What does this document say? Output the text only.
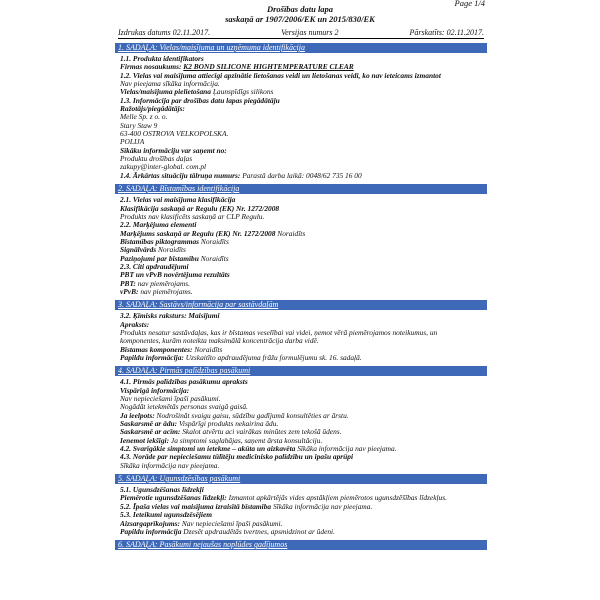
Page 1/4
Drošības datu lapa
saskaņā ar 1907/2006/EK un 2015/830/EK
Izdrukas datums 02.11.2017.	Versijas numurs 2	Pārskatīts: 02.11.2017.
1. SADAĻA: Vielas/maisījuma un uzņēmuma identifikācija
1.1. Produkta identifikators
Firmas nosaukums: K2 BOND SILICONE HIGHTEMPERATURE CLEAR
1.2. Vielas vai maisījuma attiecīgi apzinātie lietošanas veidi un lietošanas veidi, ko nav ieteicams izmantot
Nav pieejama sīkāka informācija.
Vielas/maisījuma pielietošana Ļaunspīdīgs silikons
1.3. Informācija par drošības datu lapas piegādātāju
Ražotājs/piegādātājs:
Melle Sp. z o. o.
Stary Staw 9
63-400 OSTROVA VELKOPOLSKA.
POLIJA
Sīkāku informāciju var saņemt no:
Produktu drošības daļas
zakupy@inter-global. com.pl
1.4. Ārkārtas situāciju tālruņa numurs: Parastā darba laikā: 0048/62 735 16 00
2. SADAĻA: Bīstamības identifikācija
2.1. Vielas vai maisījuma klasifikācija
Klasifikācija saskaņā ar Regulu (EK) Nr. 1272/2008
Produkts nav klasificēts saskaņā ar CLP Regulu.
2.2. Marķējuma elementi
Marķējums saskaņā ar Regulu (EK) Nr. 1272/2008 Noraidīts
Bīstamības piktogrammas Noraidīts
Signālvārds Noraidīts
Paziņojumi par bīstamību Noraidīts
2.3. Citi apdraudējumi
PBT un vPvB novērtējuma rezultāts
PBT: nav piemērojams.
vPvB: nav piemērojams.
3. SADAĻA: Sastāvs/informācija par sastāvdaļām
3.2. Ķīmisks raksturs: Maisījumi
Apraksts:
Produkts nesatur sastāvdaļas, kas ir bīstamas veselībai vai videi, ņemot vērā piemērojamos noteikumus, un
komponentes, kurām noteikta maksimālā koncentrācija darba vidē.
Bīstamas komponentes: Noraidīts
Papildu informācija: Uzskaitīto apdraudējuma frāžu formulējumu sk. 16. sadaļā.
4. SADAĻA: Pirmās palīdzības pasākumi
4.1. Pirmās palīdzības pasākumu apraksts
Vispārīgā informācija:
Nav nepieciešami īpaši pasākumi.
Nogādāt ietekmētās personas svaigā gaisā.
Ja ieelpots: Nodrošināt svaigu gaisu, sūdzību gadījumā konsultēties ar ārstu.
Saskarsmē ar ādu: Vispārīgi produkts nekairina ādu.
Saskarsmē ar acīm: Skalot atvērtu aci vairākas minūtes zem tekošā ūdens.
Ienemot iekšīgi: Ja simptomi saglabājas, saņemt ārsta konsultāciju.
4.2. Svarīgākie simptomi un ietekme – akūta un aizkavēta Sīkāka informācija nav pieejama.
4.3. Norāde par nepieciešamu tūlītēju medicīnisko palīdzību un īpašu aprūpi
Sīkāka informācija nav pieejama.
5. SADAĻA: Ugunsdzēsības pasākumi
5.1. Ugunsdzēšanas līdzekļi
Piemērotie ugunsdzēšanas līdzekļi: Izmantot apkārtējās vides apstākļiem piemērotos ugunsdzēšības līdzekļus.
5.2. Īpaša vielas vai maisījuma izraisītā bīstamība Sīkāka informācija nav pieejama.
5.3. Ieteikumi ugunsdzēsējiem
Aizsargaprīkojums: Nav nepieciešami īpaši pasākumi.
Papildu informācija Dzesēt apdraudētās tvertnes, apsmidzinot ar ūdeni.
6. SADAĻA: Pasākumi nejaušas noplūdes gadījumos
